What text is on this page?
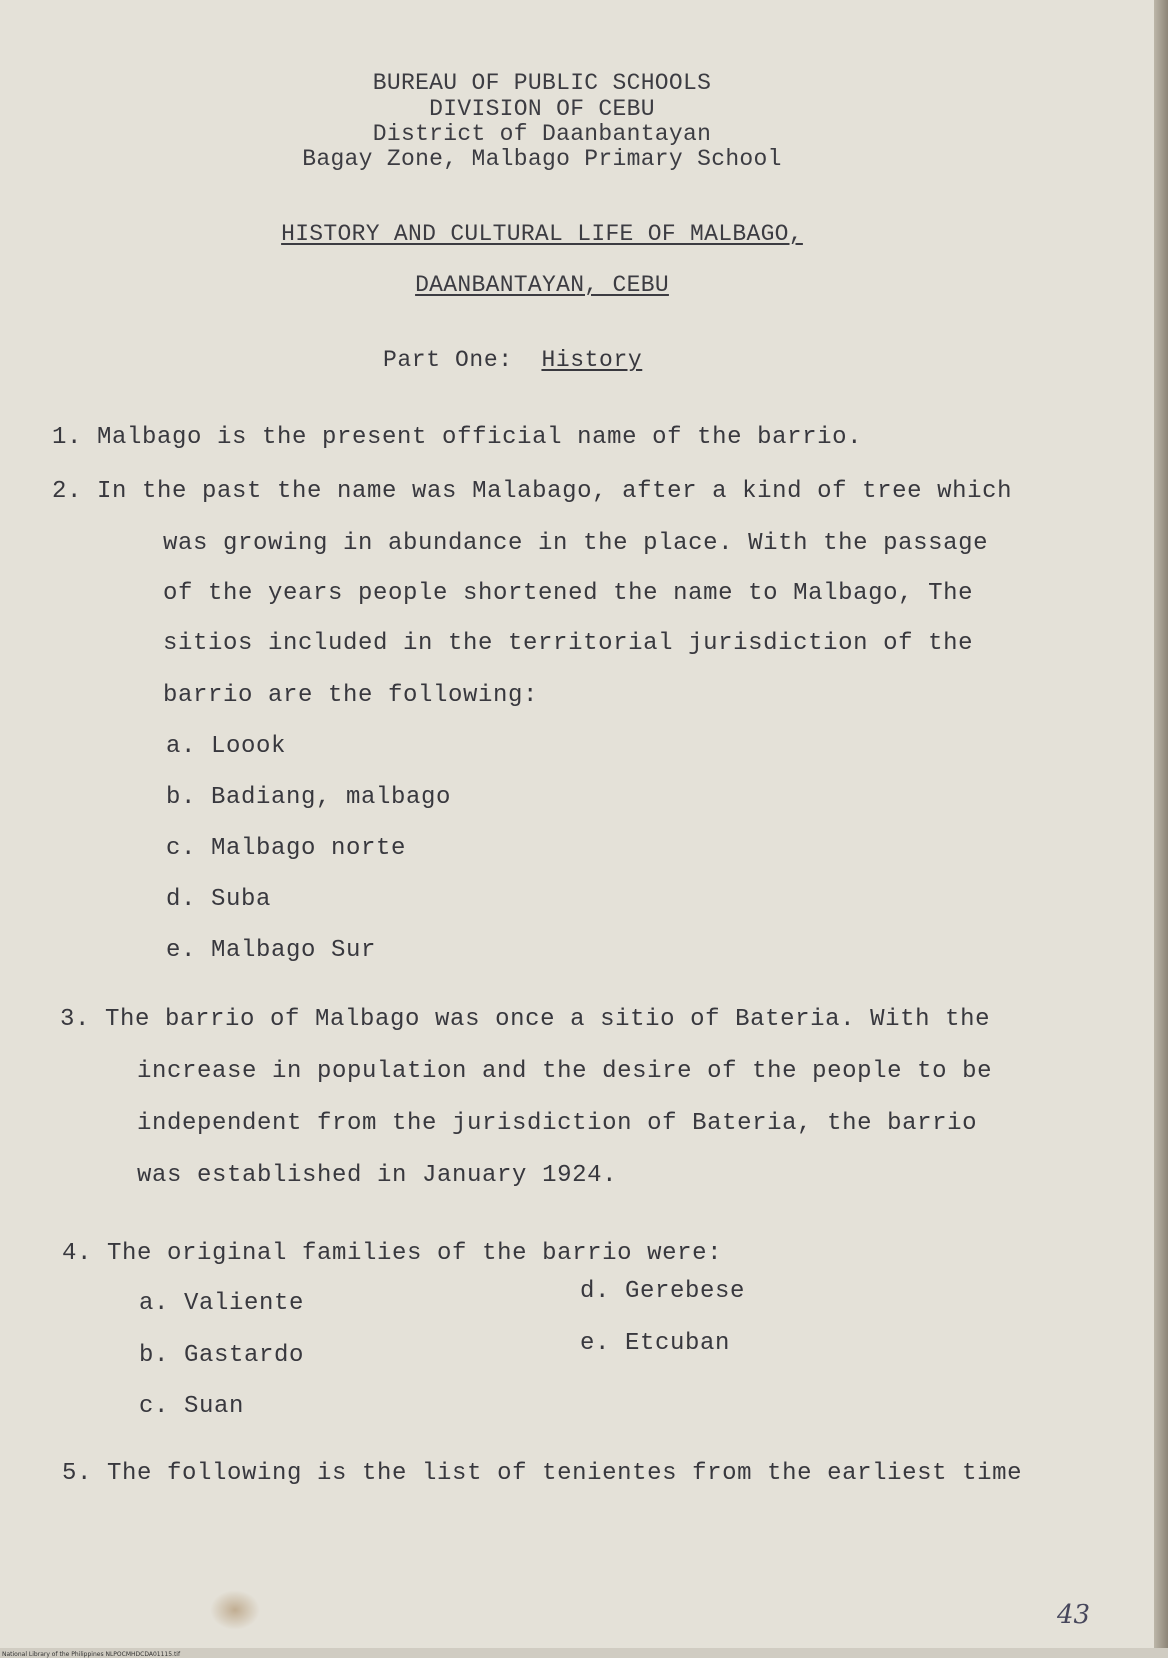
BUREAU OF PUBLIC SCHOOLS
DIVISION OF CEBU
District of Daanbantayan
Bagay Zone, Malbago Primary School
HISTORY AND CULTURAL LIFE OF MALBAGO,
DAANBANTAYAN, CEBU
Part One: History
1. Malbago is the present official name of the barrio.
2. In the past the name was Malabago, after a kind of tree which
was growing in abundance in the place. With the passage
of the years people shortened the name to Malbago, The
sitios included in the territorial jurisdiction of the
barrio are the following:
a. Loook
b. Badiang, malbago
c. Malbago norte
d. Suba
e. Malbago Sur
3. The barrio of Malbago was once a sitio of Bateria. With the
increase in population and the desire of the people to be
independent from the jurisdiction of Bateria, the barrio
was established in January 1924.
4. The original families of the barrio were:
a. Valiente
b. Gastardo
c. Suan
d. Gerebese
e. Etcuban
5. The following is the list of tenientes from the earliest time
43
National Library of the Philippines NLPOCMHDCDA01115.tif
